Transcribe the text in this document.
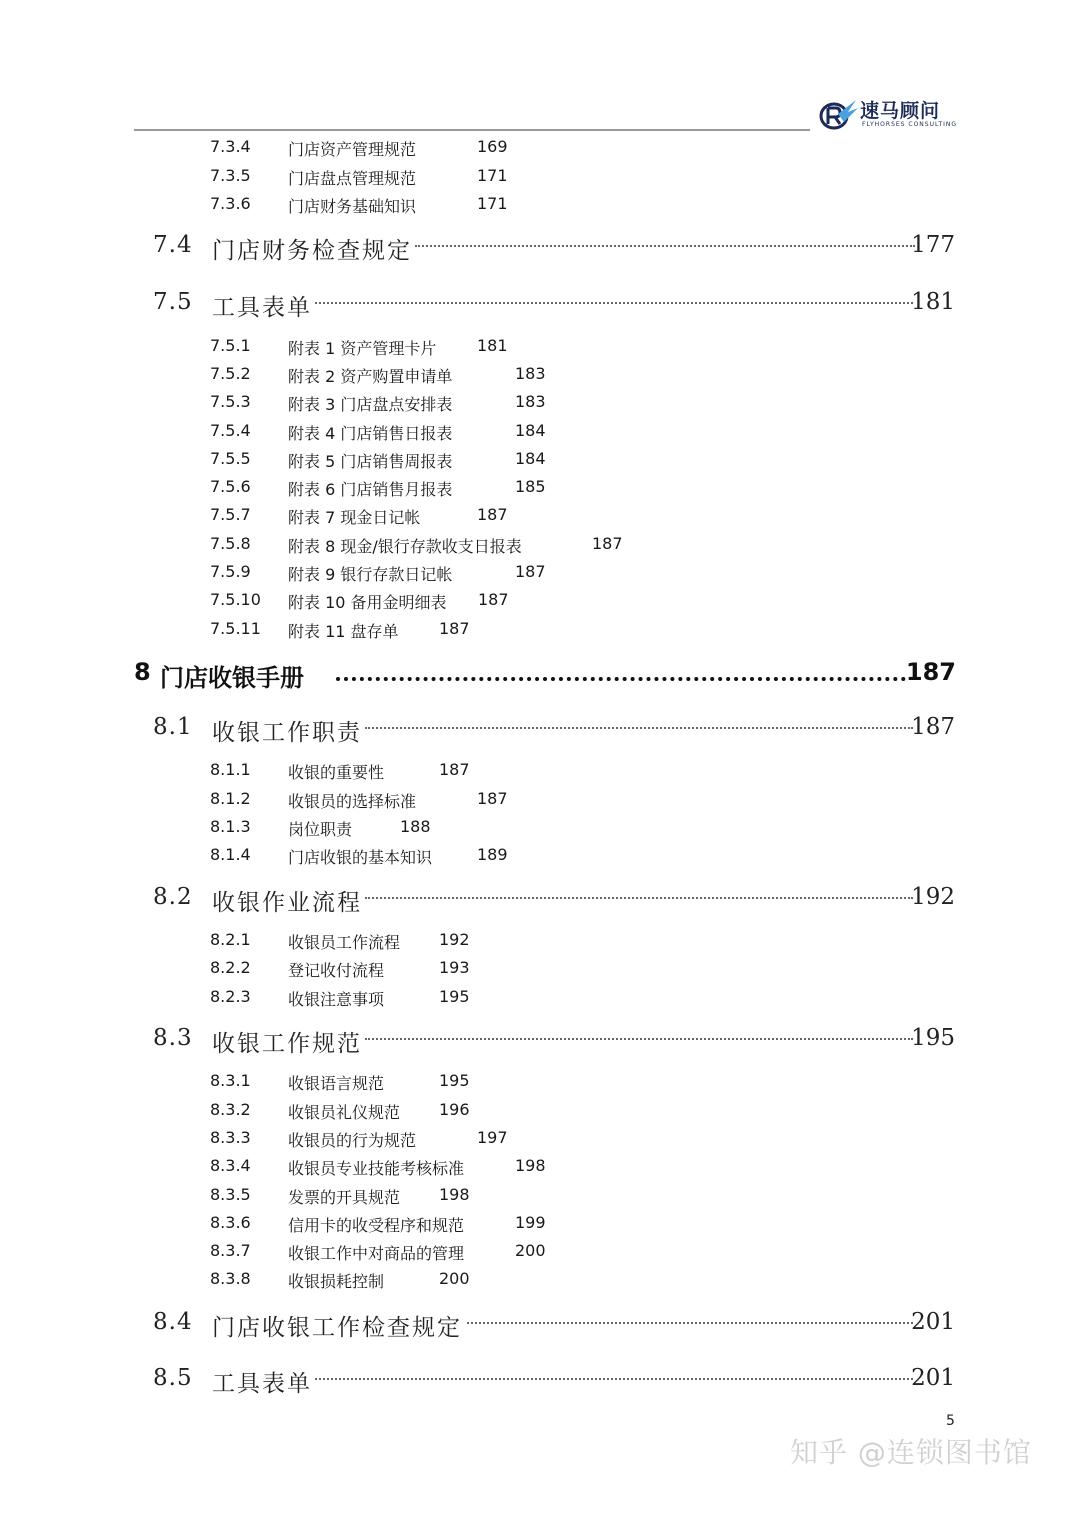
速马顾问
FLYHORSES CONSULTING
7.3.4 门店资产管理规范	169
7.3.5 门店盘点管理规范	171
7.3.6 门店财务基础知识	171
7.4 门店财务检查规定	177
7.5 工具表单	181
7.5.1 附表 1 资产管理卡片	181
7.5.2 附表 2 资产购置申请单	183
7.5.3 附表 3 门店盘点安排表	183
7.5.4 附表 4 门店销售日报表	184
7.5.5 附表 5 门店销售周报表	184
7.5.6 附表 6 门店销售月报表	185
7.5.7 附表 7 现金日记帐	187
7.5.8 附表 8 现金/银行存款收支日报表	187
7.5.9 附表 9 银行存款日记帐	187
7.5.10 附表 10 备用金明细表 187
7.5.11 附表 11 盘存单	187
8 门店收银手册	187
8.1 收银工作职责	187
8.1.1 收银的重要性	187
8.1.2 收银员的选择标准	187
8.1.3 岗位职责	188
8.1.4 门店收银的基本知识	189
8.2 收银作业流程	192
8.2.1 收银员工作流程 192
8.2.2 登记收付流程	193
8.2.3 收银注意事项	195
8.3 收银工作规范	195
8.3.1 收银语言规范	195
8.3.2 收银员礼仪规范 196
8.3.3 收银员的行为规范	197
8.3.4 收银员专业技能考核标准	198
8.3.5 发票的开具规范 198
8.3.6 信用卡的收受程序和规范	199
8.3.7 收银工作中对商品的管理	200
8.3.8 收银损耗控制	200
8.4 门店收银工作检查规定	201
8.5 工具表单	201
5
知乎 @连锁图书馆
